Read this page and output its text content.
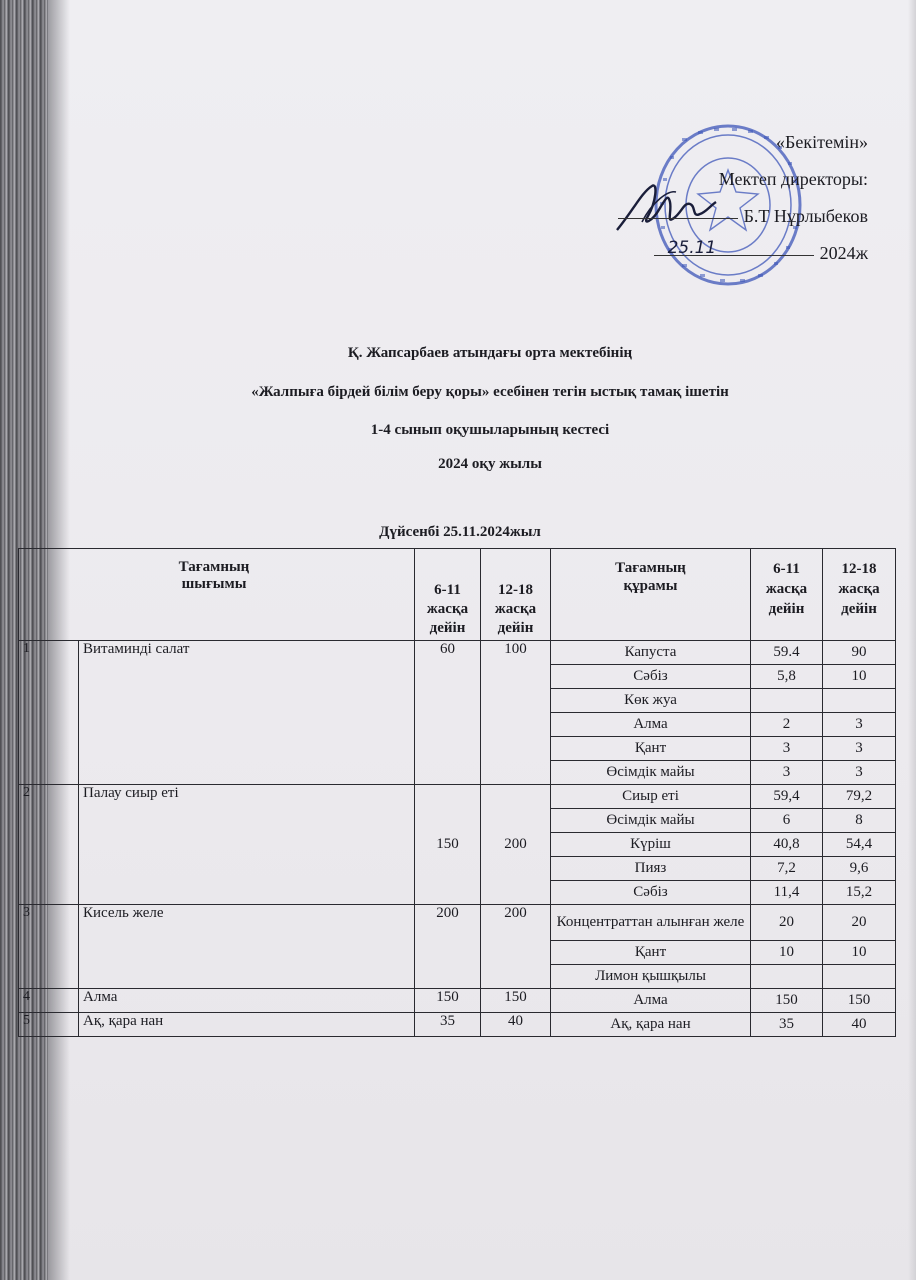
«Бекітемін»
Мектеп директоры:
Б.Т Нұрлыбеков
25.11	2024ж
Қ. Жапсарбаев атындағы орта мектебінің
«Жалпыға бірдей білім беру қоры» есебінен тегін ыстық тамақ ішетін
1-4 сынып оқушыларының кестесі
2024 оқу жылы
Дүйсенбі 25.11.2024жыл
Тағамның шығымы		6-11 жасқа дейін	12-18 жасқа дейін	Тағамның құрамы	6-11 жасқа дейін	12-18 жасқа дейін
1	Витаминді салат	60	100	Капуста	59.4	90
				Сәбіз	5,8	10
				Көк жуа		
				Алма	2	3
				Қант	3	3
				Өсімдік майы	3	3
2	Палау сиыр еті	150	200	Сиыр еті	59,4	79,2
				Өсімдік майы	6	8
				Күріш	40,8	54,4
				Пияз	7,2	9,6
				Сәбіз	11,4	15,2
3	Кисель желе	200	200	Концентраттан алынған желе	20	20
				Қант	10	10
				Лимон қышқылы		
4	Алма	150	150	Алма	150	150
5	Ақ, қара нан	35	40	Ақ, қара нан	35	40
